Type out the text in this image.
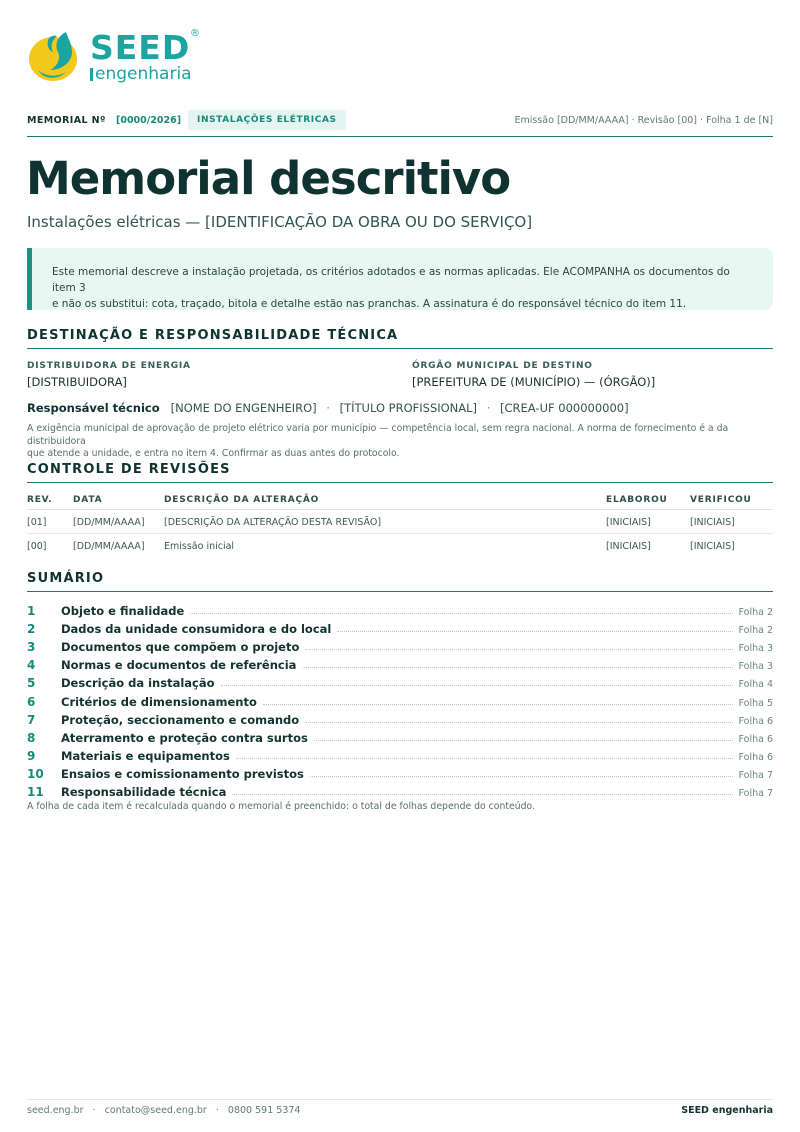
SEED ®
engenharia
MEMORIAL Nº [0000/2026]	INSTALAÇÕES ELÉTRICAS	Emissão [DD/MM/AAAA] · Revisão [00] · Folha 1 de [N]
Memorial descritivo
Instalações elétricas — [IDENTIFICAÇÃO DA OBRA OU DO SERVIÇO]
Este memorial descreve a instalação projetada, os critérios adotados e as normas aplicadas. Ele ACOMPANHA os documentos do item 3
e não os substitui: cota, traçado, bitola e detalhe estão nas pranchas. A assinatura é do responsável técnico do item 11.
DESTINAÇÃO E RESPONSABILIDADE TÉCNICA
DISTRIBUIDORA DE ENERGIA
[DISTRIBUIDORA]
ÓRGÃO MUNICIPAL DE DESTINO
[PREFEITURA DE (MUNICÍPIO) — (ÓRGÃO)]
Responsável técnico [NOME DO ENGENHEIRO] · [TÍTULO PROFISSIONAL] · [CREA-UF 000000000]
A exigência municipal de aprovação de projeto elétrico varia por município — competência local, sem regra nacional. A norma de fornecimento é a da distribuidora
que atende a unidade, e entra no item 4. Confirmar as duas antes do protocolo.
CONTROLE DE REVISÕES
REV. DATA	DESCRIÇÃO DA ALTERAÇÃO	ELABOROU VERIFICOU
[01]	[DD/MM/AAAA] [DESCRIÇÃO DA ALTERAÇÃO DESTA REVISÃO]	[INICIAIS]	[INICIAIS]
[00]	[DD/MM/AAAA] Emissão inicial	[INICIAIS]	[INICIAIS]
SUMÁRIO
1	Objeto e finalidade	Folha 2
2	Dados da unidade consumidora e do local	Folha 2
3	Documentos que compõem o projeto	Folha 3
4	Normas e documentos de referência	Folha 3
5	Descrição da instalação	Folha 4
6	Critérios de dimensionamento	Folha 5
7	Proteção, seccionamento e comando	Folha 6
8	Aterramento e proteção contra surtos	Folha 6
9	Materiais e equipamentos	Folha 6
10	Ensaios e comissionamento previstos	Folha 7
11	Responsabilidade técnica	Folha 7
A folha de cada item é recalculada quando o memorial é preenchido: o total de folhas depende do conteúdo.
seed.eng.br · contato@seed.eng.br · 0800 591 5374	SEED engenharia
